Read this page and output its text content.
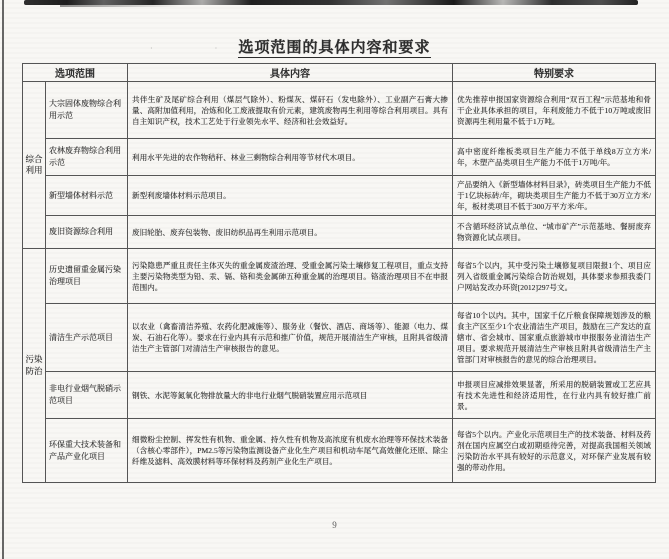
· ·
选项范围的具体内容和要求
选项范围		具体内容	特别要求
综合利用	大宗固体废物综合利用示范	共伴生矿及尾矿综合利用（煤层气除外）、粉煤灰、煤矸石（发电除外）、工业副产石膏大掺量、高附加值利用，冶炼和化工废液提取有价元素，建筑废物再生利用等综合利用项目。具有自主知识产权，技术工艺处于行业领先水平、经济和社会效益好。	优先推荐申报国家资源综合利用“双百工程”示范基地和骨干企业具体承担的项目，年利废能力不低于10万吨或废旧资源再生利用量不低于1万吨。
	农林废弃物综合利用示范	利用水平先进的农作物秸秆、林业三剩物综合利用等节材代木项目。	高中密度纤维板类项目生产能力不低于单线8万立方米/年，木塑产品类项目生产能力不低于1万吨/年。
	新型墙体材料示范	新型利废墙体材料示范项目。	产品要纳入《新型墙体材料目录》，砖类项目生产能力不低于1亿块标砖/年，砌块类项目生产能力不低于30万立方米/年，板材类项目不低于300万平方米/年。
	废旧资源综合利用	废旧轮胎、废弃包装物、废旧纺织品再生利用示范项目。	不含循环经济试点单位、“城市矿产”示范基地、餐厨废弃物资源化试点项目。
污染防治	历史遗留重金属污染治理项目	污染隐患严重且责任主体灭失的重金属废渣治理、受重金属污染土壤修复工程项目，重点支持主要污染物类型为铅、汞、镉、铬和类金属砷五种重金属的治理项目。铬渣治理项目不在申报范围内。	每省5个以内，其中受污染土壤修复项目限报1个、项目应列入省级重金属污染综合防治规划，具体要求参照我委门户网站发改办环资[2012]297号文。
	清洁生产示范项目	以农业（禽畜清洁养殖、农药化肥减施等）、服务业（餐饮、酒店、商场等）、能源（电力、煤炭、石油石化等）。要求在行业内具有示范和推广价值，规范开展清洁生产审核，且附具省级清洁生产主管部门对清洁生产审核报告的意见。	每省10个以内。其中，国家千亿斤粮食保障规划涉及的粮食主产区至少1个农业清洁生产项目，鼓励在三产发达的直辖市、省会城市、国家重点旅游城市申报服务业清洁生产项目。要求规范开展清洁生产审核且附具省级清洁生产主管部门对审核报告的意见的综合治理项目。
	非电行业烟气脱硝示范项目	钢铁、水泥等氮氧化物排放量大的非电行业烟气脱硝装置应用示范项目	申报项目应减排效果显著，所采用的脱硝装置或工艺应具有技术先进性和经济适用性，在行业内具有较好推广前景。
	环保重大技术装备和产品产业化项目	细微粉尘控制、挥发性有机物、重金属、持久性有机物及高浓度有机废水治理等环保技术装备（含核心零部件），PM2.5等污染物监测设备产业化生产项目和机动车尾气高效催化还原、除尘纤维及滤料、高效膜材料等环保材料及药剂产业化生产项目。	每省5个以内。产业化示范项目生产的技术装备、材料及药剂在国内应属空白或初期亟待完善，对提高我国相关领域污染防治水平具有较好的示范意义，对环保产业发展有较强的带动作用。
9
